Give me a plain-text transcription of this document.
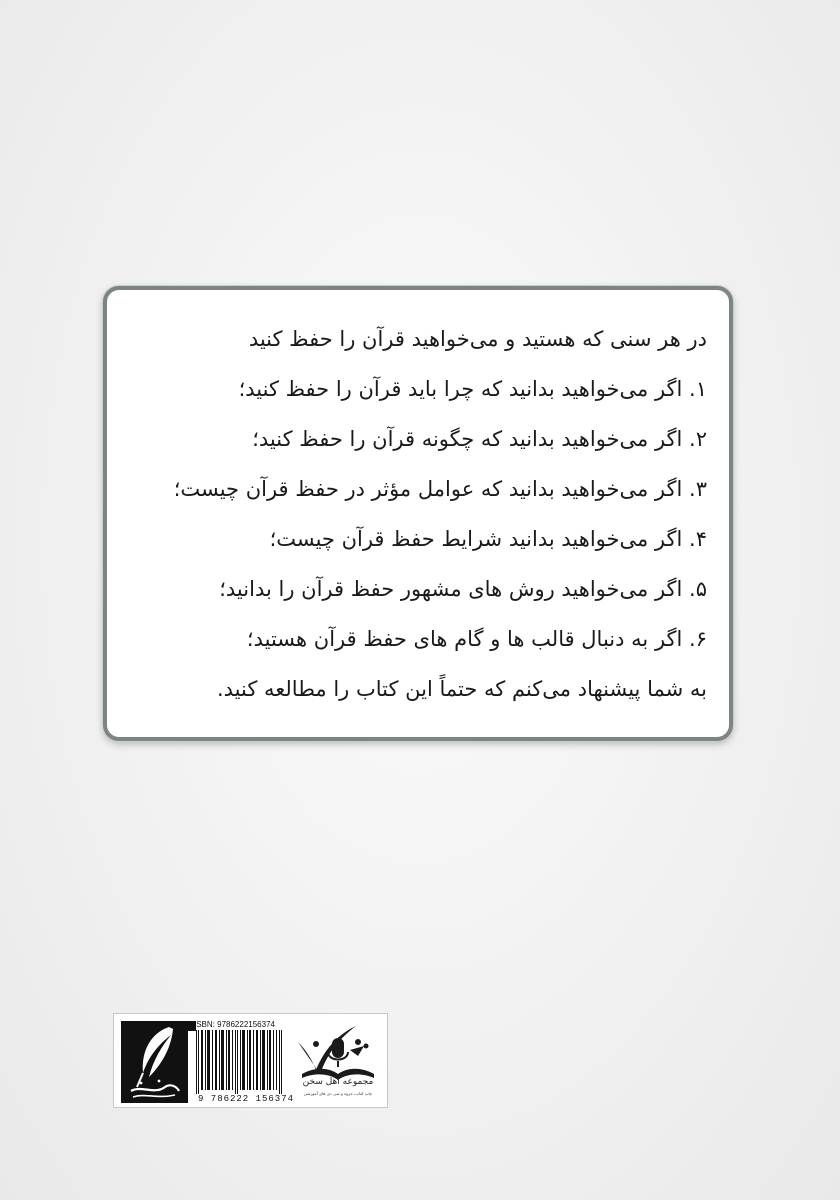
در هر سنی که هستید و می‌خواهید قرآن را حفظ کنید
۱. اگر می‌خواهید بدانید که چرا باید قرآن را حفظ کنید؛
۲. اگر می‌خواهید بدانید که چگونه قرآن را حفظ کنید؛
۳. اگر می‌خواهید بدانید که عوامل مؤثر در حفظ قرآن چیست؛
۴. اگر می‌خواهید بدانید شرایط حفظ قرآن چیست؛
۵. اگر می‌خواهید روش های مشهور حفظ قرآن را بدانید؛
۶. اگر به دنبال قالب ها و گام های حفظ قرآن هستید؛
به شما پیشنهاد می‌کنم که حتماً این کتاب را مطالعه کنید.
ISBN: 9786222156374
9 786222 156374
مجموعه اهل سخن
چاپ کتاب، جزوه و سی دی های آموزشی
